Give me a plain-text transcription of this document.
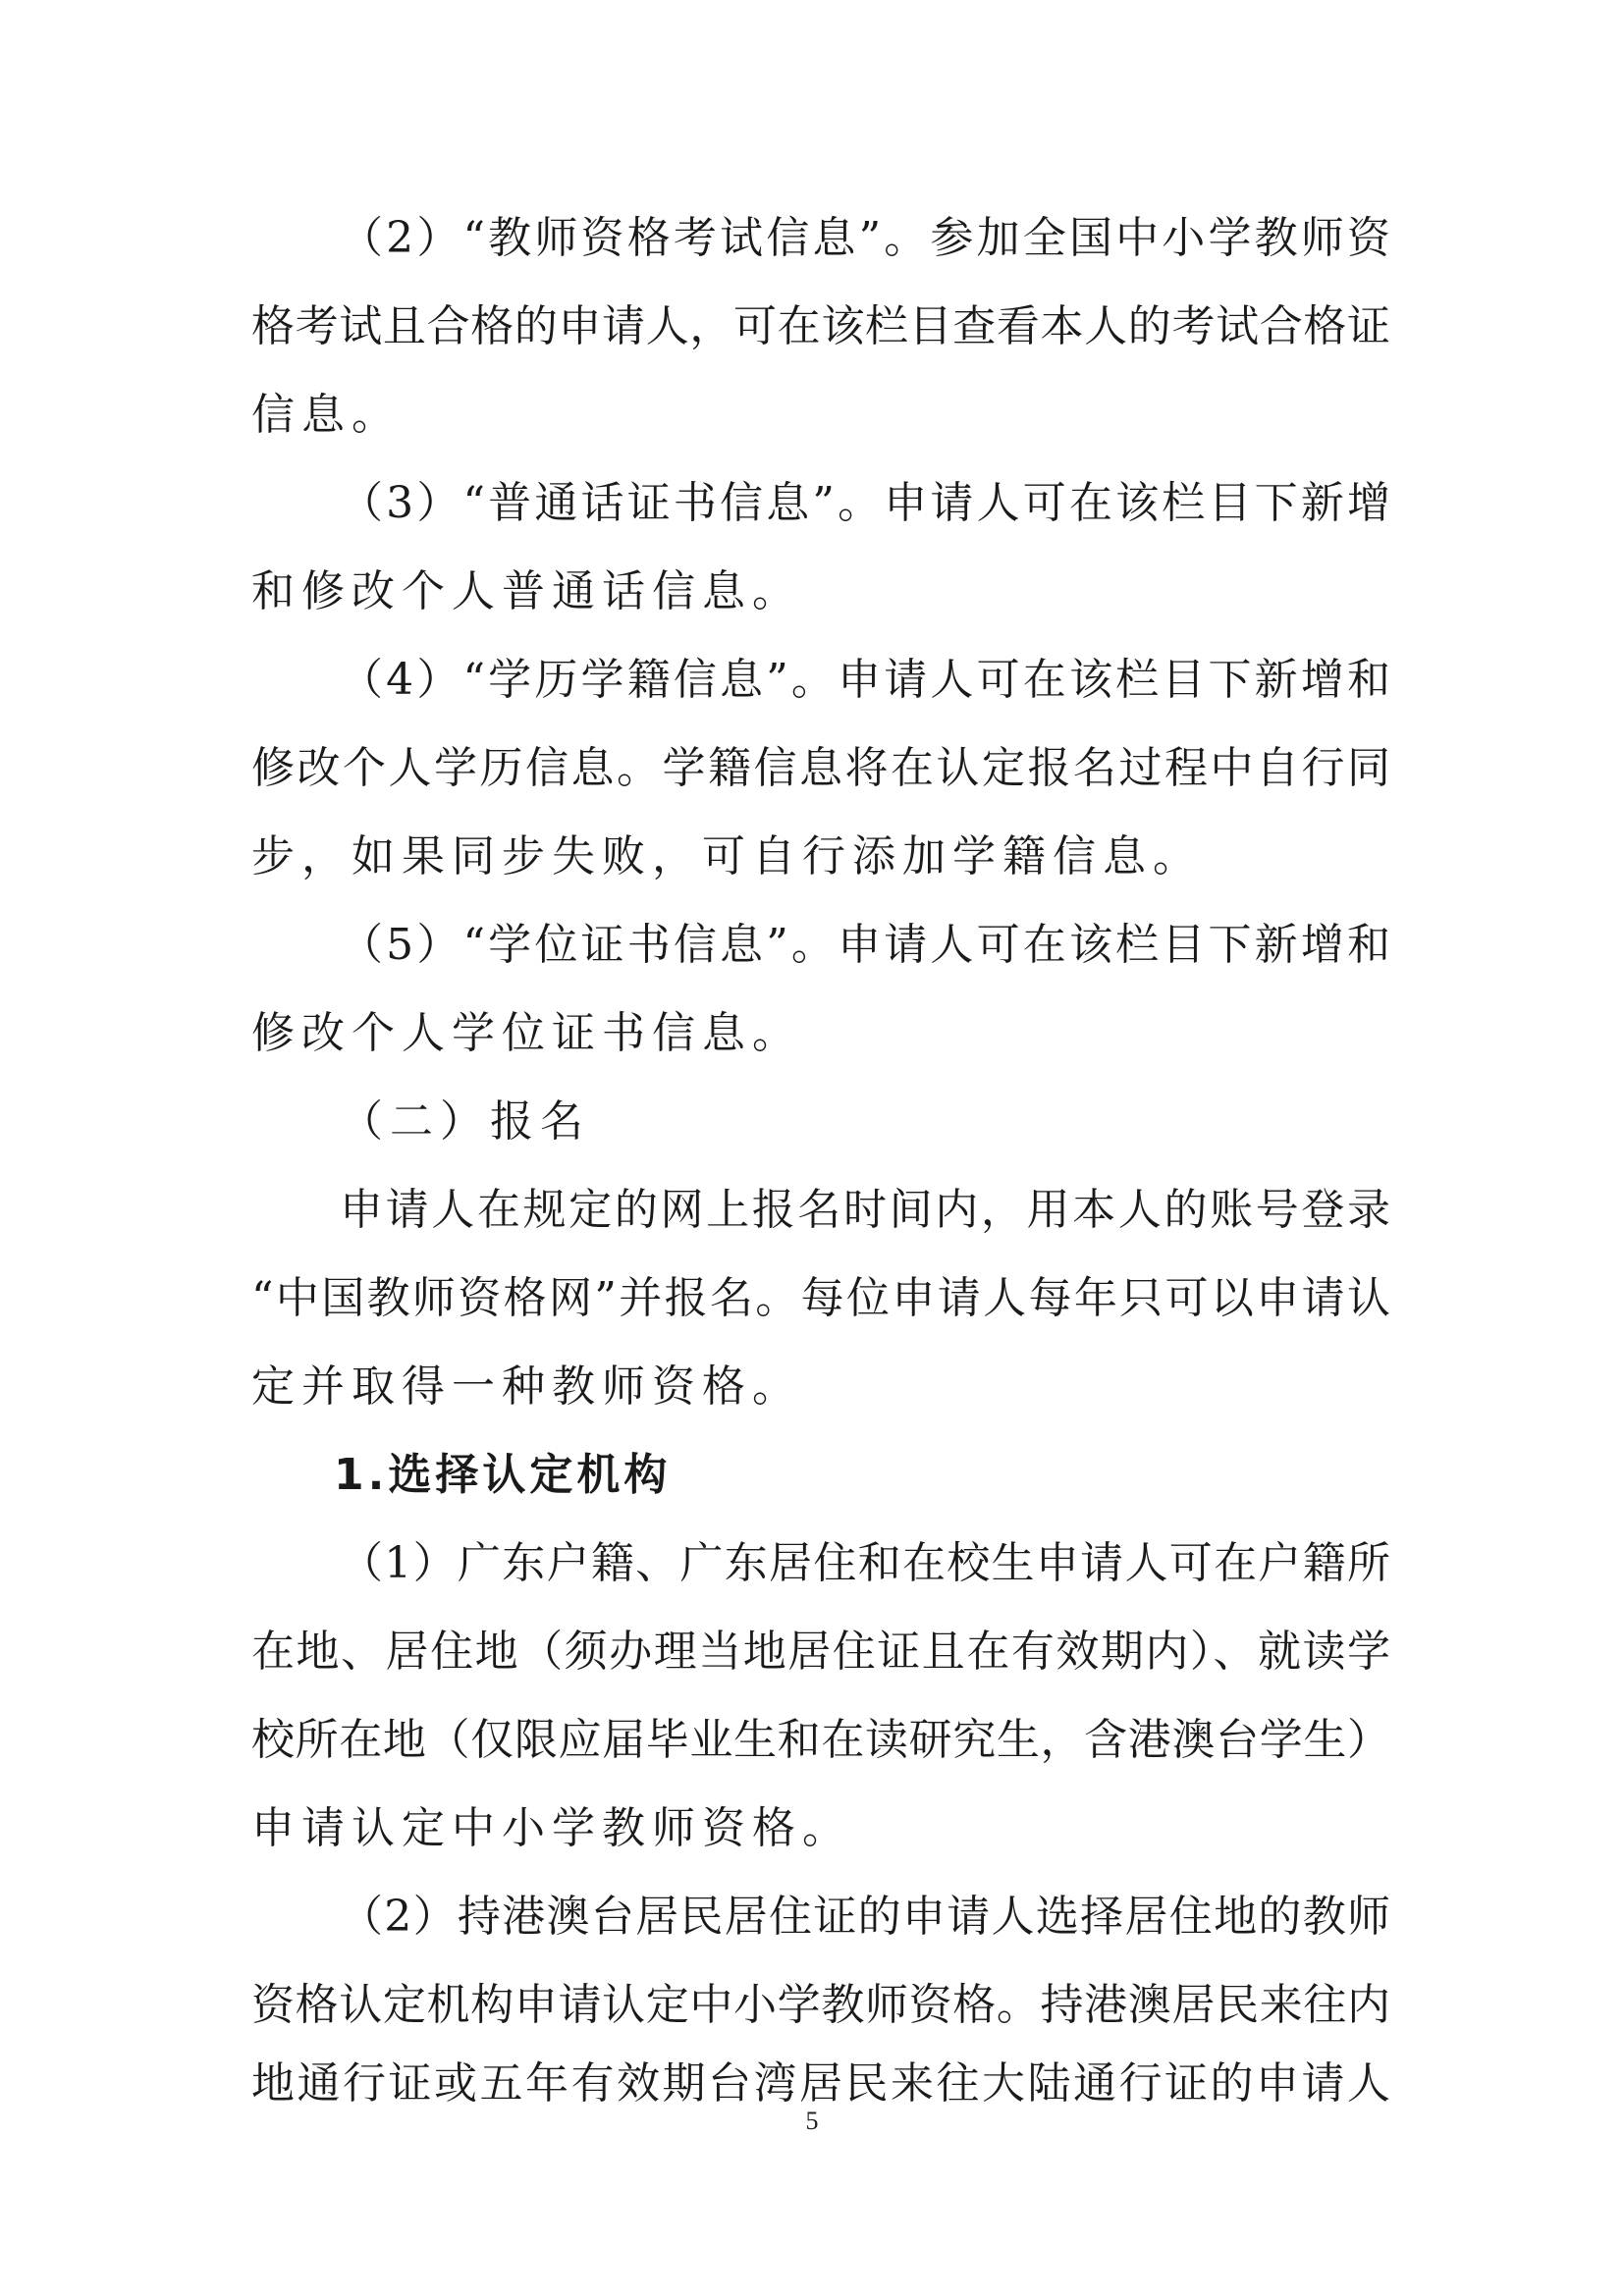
（2）“教师资格考试信息”。参加全国中小学教师资
格考试且合格的申请人，可在该栏目查看本人的考试合格证
信息。
（3）“普通话证书信息”。申请人可在该栏目下新增
和修改个人普通话信息。
（4）“学历学籍信息”。申请人可在该栏目下新增和
修改个人学历信息。学籍信息将在认定报名过程中自行同
步，如果同步失败，可自行添加学籍信息。
（5）“学位证书信息”。申请人可在该栏目下新增和
修改个人学位证书信息。
（二）报名
申请人在规定的网上报名时间内，用本人的账号登录
“中国教师资格网”并报名。每位申请人每年只可以申请认
定并取得一种教师资格。
1.选择认定机构
（1）广东户籍、广东居住和在校生申请人可在户籍所
在地、居住地（须办理当地居住证且在有效期内）、就读学
校所在地（仅限应届毕业生和在读研究生，含港澳台学生）
申请认定中小学教师资格。
（2）持港澳台居民居住证的申请人选择居住地的教师
资格认定机构申请认定中小学教师资格。持港澳居民来往内
地通行证或五年有效期台湾居民来往大陆通行证的申请人
5
